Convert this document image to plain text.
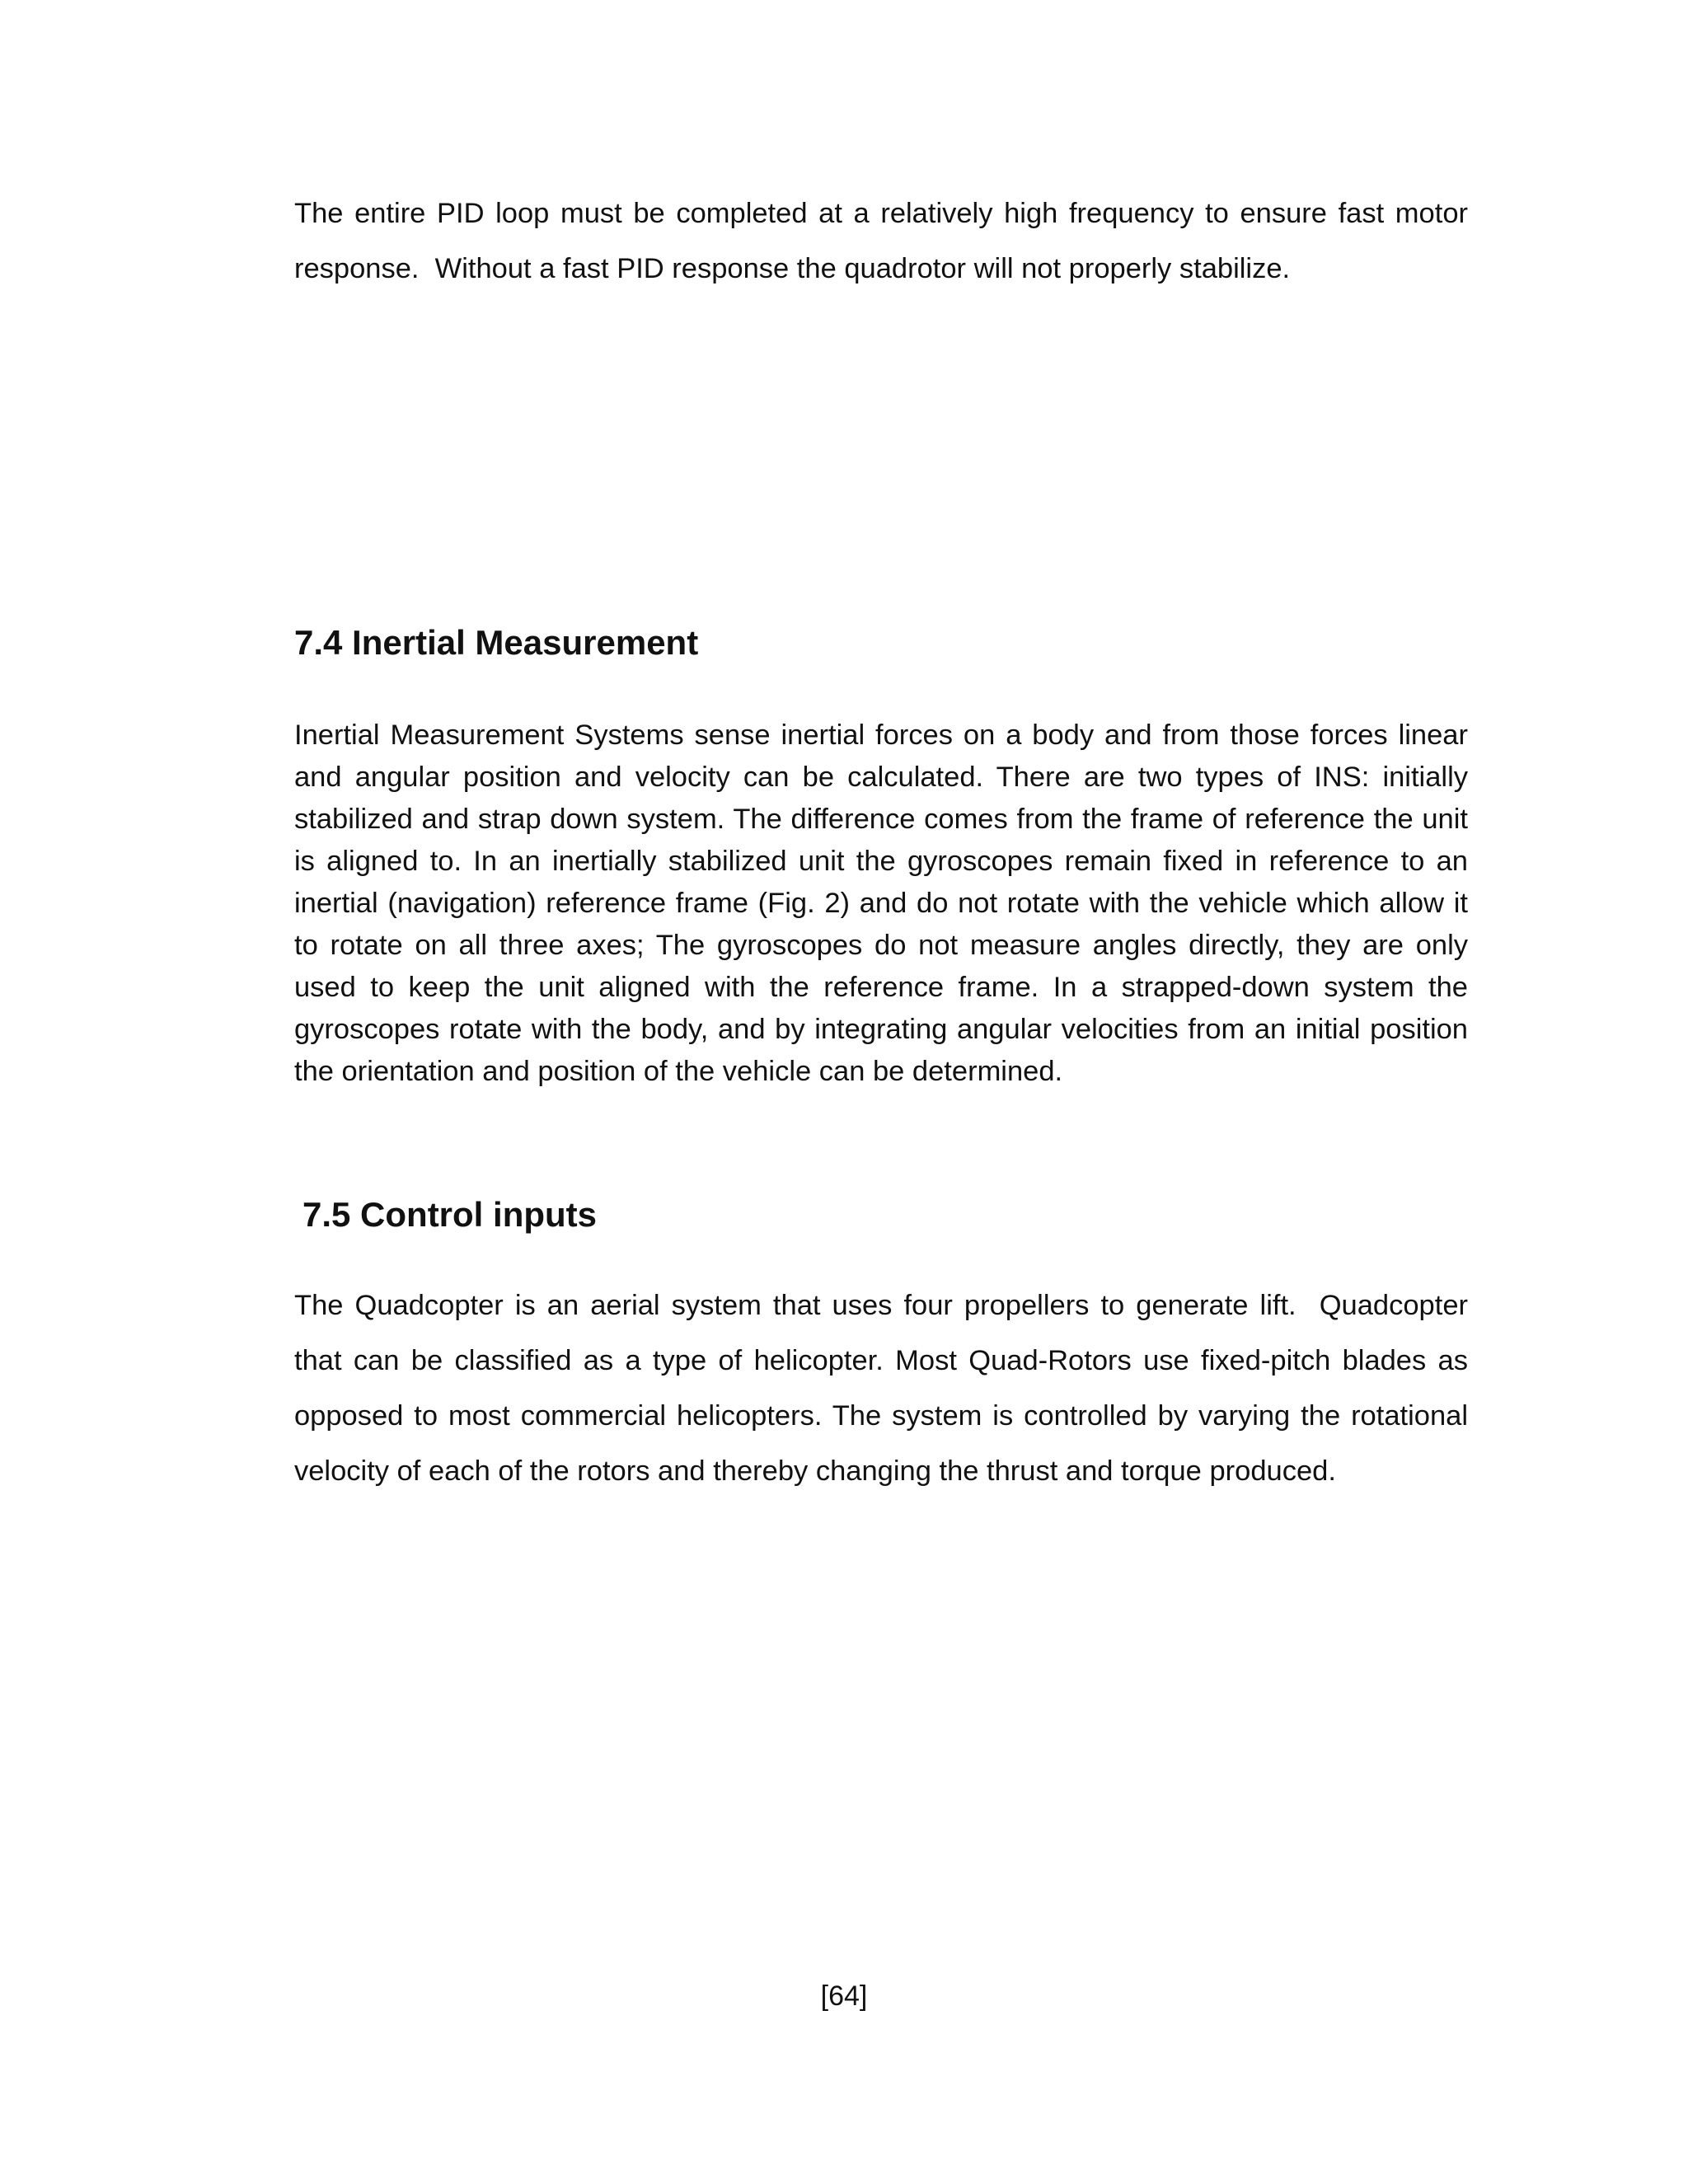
The entire PID loop must be completed at a relatively high frequency to ensure fast motor response.  Without a fast PID response the quadrotor will not properly stabilize.

7.4 Inertial Measurement

Inertial Measurement Systems sense inertial forces on a body and from those forces linear and angular position and velocity can be calculated. There are two types of INS: initially stabilized and strap down system. The difference comes from the frame of reference the unit is aligned to. In an inertially stabilized unit the gyroscopes remain fixed in reference to an inertial (navigation) reference frame (Fig. 2) and do not rotate with the vehicle which allow it to rotate on all three axes; The gyroscopes do not measure angles directly, they are only used to keep the unit aligned with the reference frame. In a strapped-down system the gyroscopes rotate with the body, and by integrating angular velocities from an initial position the orientation and position of the vehicle can be determined.

7.5 Control inputs

The Quadcopter is an aerial system that uses four propellers to generate lift.  Quadcopter that can be classified as a type of helicopter. Most Quad-Rotors use fixed-pitch blades as opposed to most commercial helicopters. The system is controlled by varying the rotational velocity of each of the rotors and thereby changing the thrust and torque produced.

[64]
